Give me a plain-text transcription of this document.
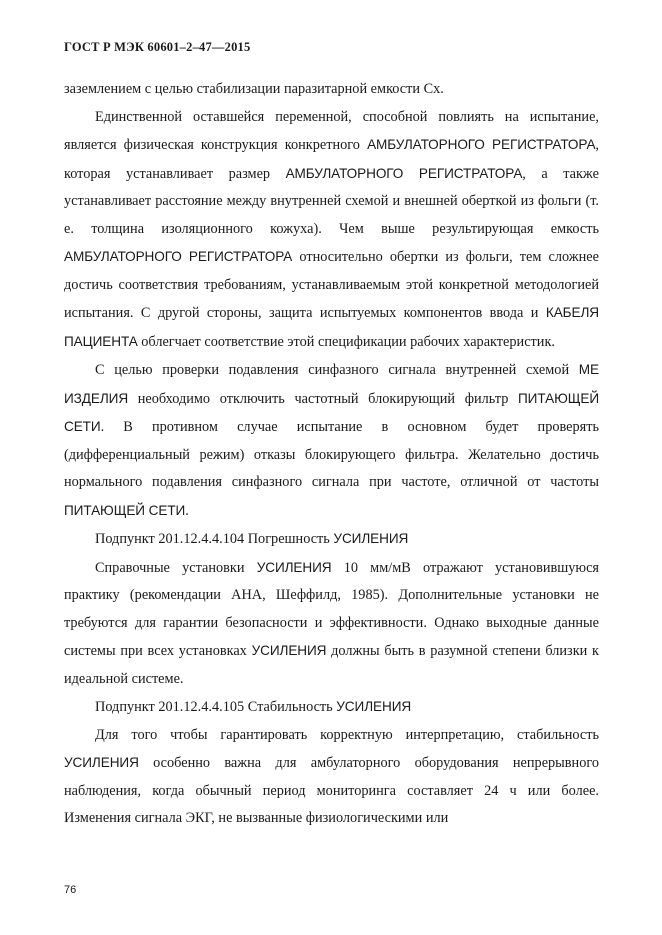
ГОСТ Р МЭК 60601–2–47—2015

заземлением с целью стабилизации паразитарной емкости Cx.

Единственной оставшейся переменной, способной повлиять на испытание, является физическая конструкция конкретного АМБУЛАТОРНОГО РЕГИСТРАТОРА, которая устанавливает размер АМБУЛАТОРНОГО РЕГИСТРАТОРА, а также устанавливает расстояние между внутренней схемой и внешней оберткой из фольги (т. е. толщина изоляционного кожуха). Чем выше результирующая емкость АМБУЛАТОРНОГО РЕГИСТРАТОРА относительно обертки из фольги, тем сложнее достичь соответствия требованиям, устанавливаемым этой конкретной методологией испытания. С другой стороны, защита испытуемых компонентов ввода и КАБЕЛЯ ПАЦИЕНТА облегчает соответствие этой спецификации рабочих характеристик.

С целью проверки подавления синфазного сигнала внутренней схемой МЕ ИЗДЕЛИЯ необходимо отключить частотный блокирующий фильтр ПИТАЮЩЕЙ СЕТИ. В противном случае испытание в основном будет проверять (дифференциальный режим) отказы блокирующего фильтра. Желательно достичь нормального подавления синфазного сигнала при частоте, отличной от частоты ПИТАЮЩЕЙ СЕТИ.

Подпункт 201.12.4.4.104 Погрешность УСИЛЕНИЯ

Справочные установки УСИЛЕНИЯ 10 мм/мВ отражают установившуюся практику (рекомендации АНА, Шеффилд, 1985). Дополнительные установки не требуются для гарантии безопасности и эффективности. Однако выходные данные системы при всех установках УСИЛЕНИЯ должны быть в разумной степени близки к идеальной системе.

Подпункт 201.12.4.4.105 Стабильность УСИЛЕНИЯ

Для того чтобы гарантировать корректную интерпретацию, стабильность УСИЛЕНИЯ особенно важна для амбулаторного оборудования непрерывного наблюдения, когда обычный период мониторинга составляет 24 ч или более. Изменения сигнала ЭКГ, не вызванные физиологическими или

76
